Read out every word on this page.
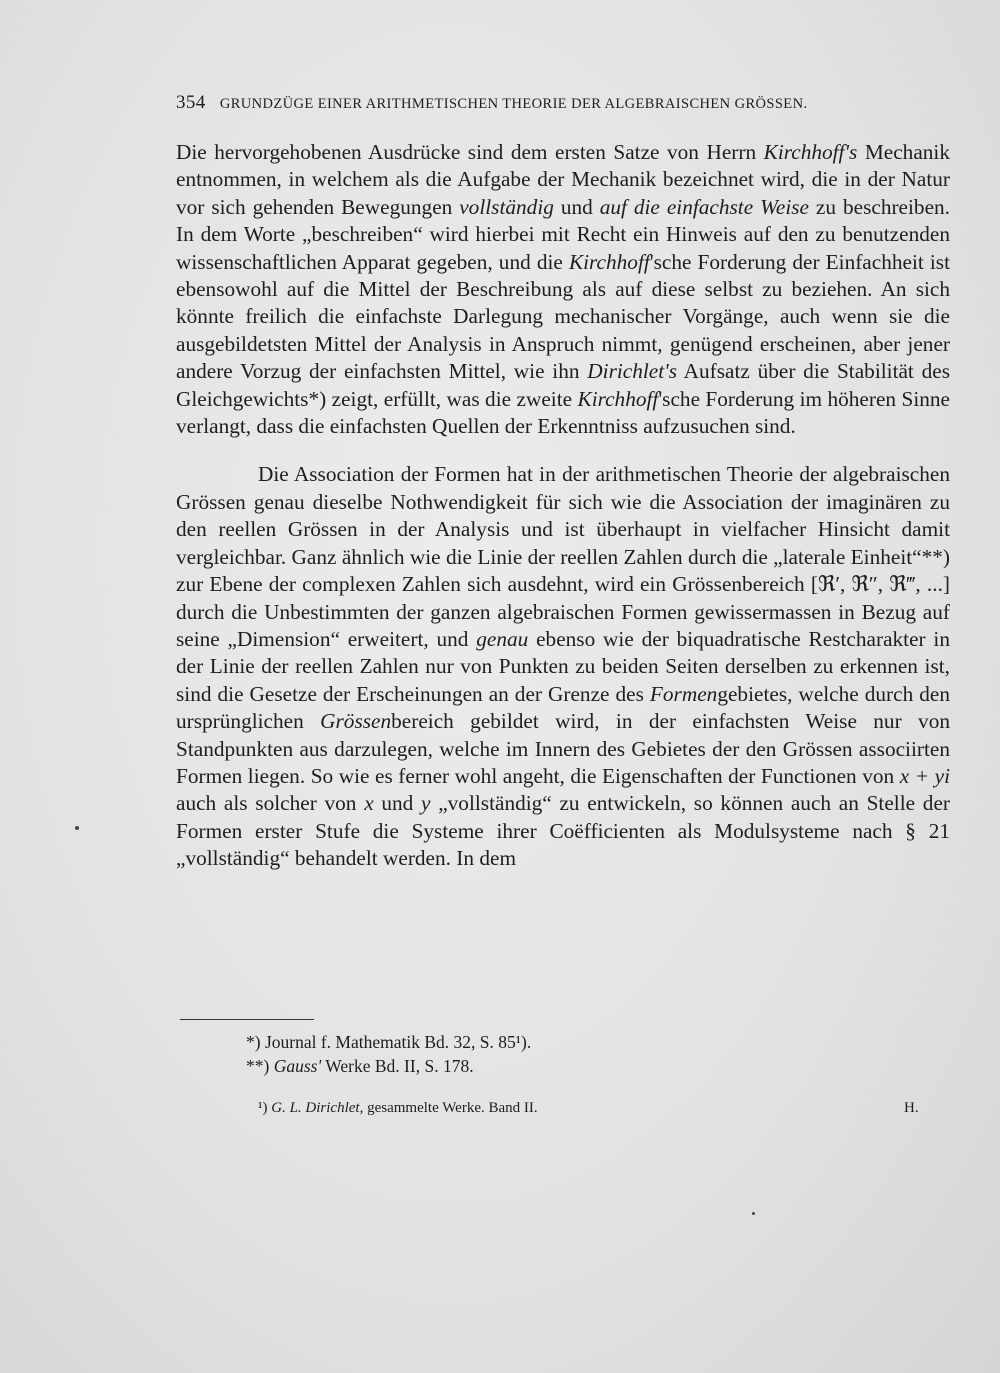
354 GRUNDZÜGE EINER ARITHMETISCHEN THEORIE DER ALGEBRAISCHEN GRÖSSEN.

Die hervorgehobenen Ausdrücke sind dem ersten Satze von Herrn Kirchhoff's Mechanik entnommen, in welchem als die Aufgabe der Mechanik bezeichnet wird, die in der Natur vor sich gehenden Bewegungen vollständig und auf die einfachste Weise zu beschreiben. In dem Worte „beschreiben“ wird hierbei mit Recht ein Hinweis auf den zu benutzenden wissenschaftlichen Apparat gegeben, und die Kirchhoff'sche Forderung der Einfachheit ist ebensowohl auf die Mittel der Beschreibung als auf diese selbst zu beziehen. An sich könnte freilich die einfachste Darlegung mechanischer Vorgänge, auch wenn sie die ausgebildetsten Mittel der Analysis in Anspruch nimmt, genügend erscheinen, aber jener andere Vorzug der einfachsten Mittel, wie ihn Dirichlet's Aufsatz über die Stabilität des Gleichgewichts*) zeigt, erfüllt, was die zweite Kirchhoff'sche Forderung im höheren Sinne verlangt, dass die einfachsten Quellen der Erkenntniss aufzusuchen sind.

Die Association der Formen hat in der arithmetischen Theorie der algebraischen Grössen genau dieselbe Nothwendigkeit für sich wie die Association der imaginären zu den reellen Grössen in der Analysis und ist überhaupt in vielfacher Hinsicht damit vergleichbar. Ganz ähnlich wie die Linie der reellen Zahlen durch die „laterale Einheit“**) zur Ebene der complexen Zahlen sich ausdehnt, wird ein Grössenbereich [ℜ′, ℜ″, ℜ‴, ...] durch die Unbestimmten der ganzen algebraischen Formen gewissermassen in Bezug auf seine „Dimension“ erweitert, und genau ebenso wie der biquadratische Restcharakter in der Linie der reellen Zahlen nur von Punkten zu beiden Seiten derselben zu erkennen ist, sind die Gesetze der Erscheinungen an der Grenze des Formengebietes, welche durch den ursprünglichen Grössenbereich gebildet wird, in der einfachsten Weise nur von Standpunkten aus darzulegen, welche im Innern des Gebietes der den Grössen associirten Formen liegen. So wie es ferner wohl angeht, die Eigenschaften der Functionen von x + yi auch als solcher von x und y „vollständig“ zu entwickeln, so können auch an Stelle der Formen erster Stufe die Systeme ihrer Coëfficienten als Modulsysteme nach § 21 „vollständig“ behandelt werden. In dem

*) Journal f. Mathematik Bd. 32, S. 85¹).
**) Gauss' Werke Bd. II, S. 178.
¹) G. L. Dirichlet, gesammelte Werke. Band II.	H.
